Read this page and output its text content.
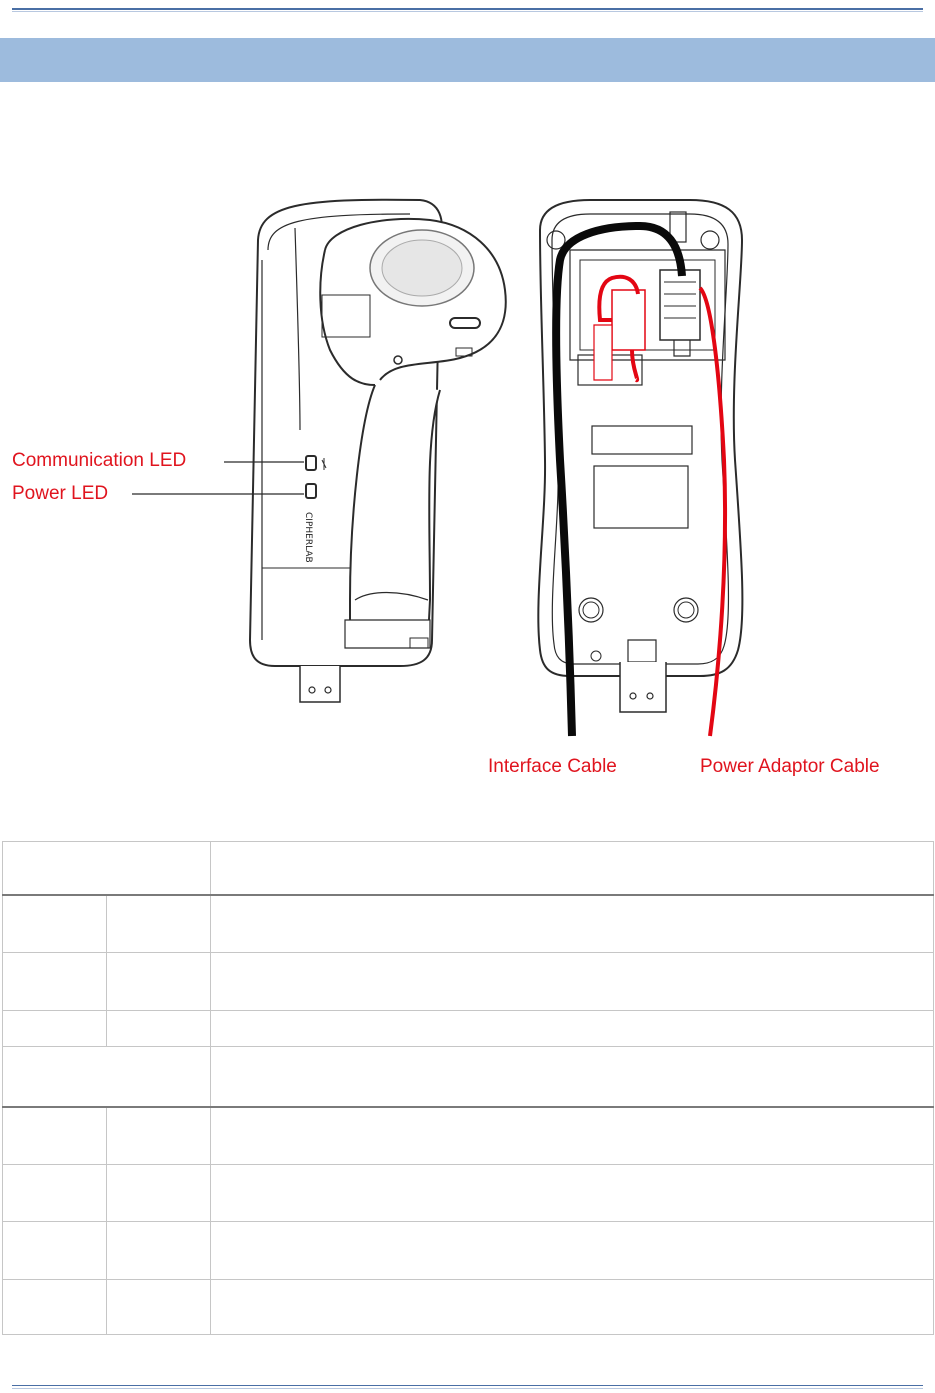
CIPHERLAB
Communication LED
Power LED
Interface Cable	Power Adaptor Cable
